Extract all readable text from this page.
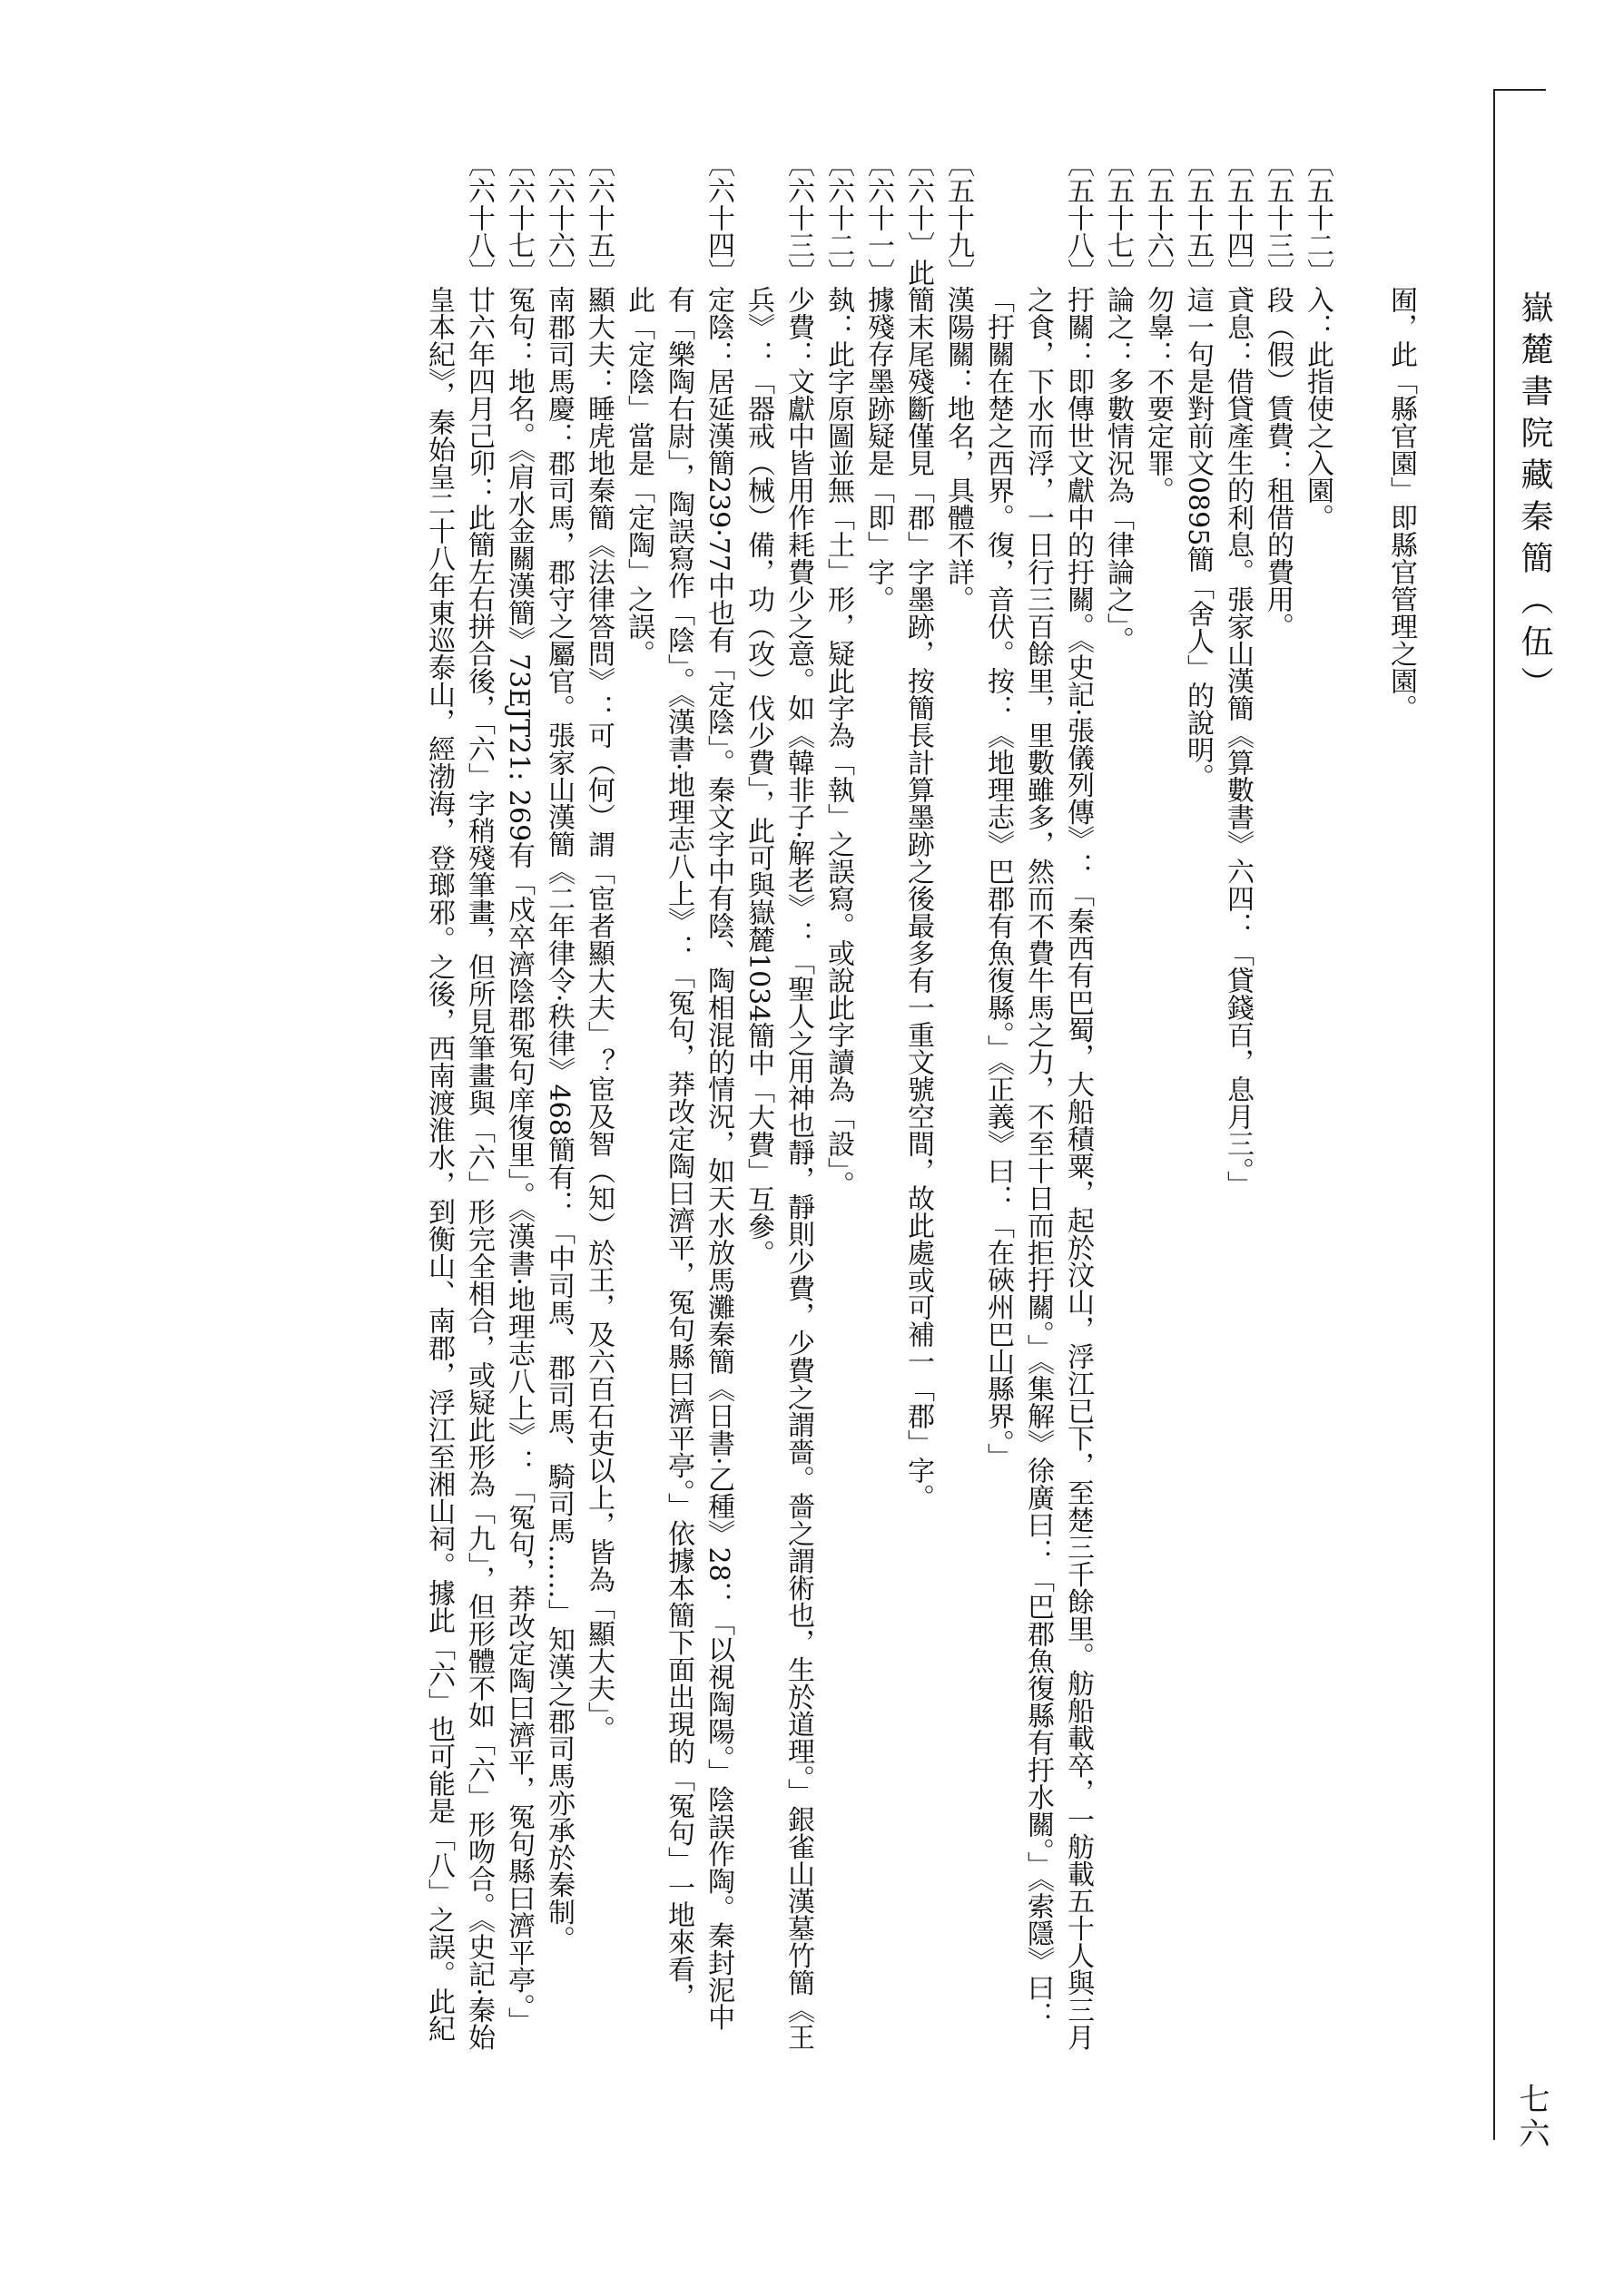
嶽麓書院藏秦簡（伍）
七六
囿，此「縣官園」即縣官管理之園。
〔五十二〕入：此指使之入園。
〔五十三〕段（假）賃費：租借的費用。
〔五十四〕貣息：借貸產生的利息。張家山漢簡《算數書》六四：「貸錢百，息月三。」
〔五十五〕這一句是對前文0895簡「舍人」的說明。
〔五十六〕勿辠：不要定罪。
〔五十七〕論之：多數情況為「律論之」。
〔五十八〕扜關：即傳世文獻中的扜關。《史記·張儀列傳》：「秦西有巴蜀，大船積粟，起於汶山，浮江已下，至楚三千餘里。舫船載卒，一舫載五十人與三月
之食，下水而浮，一日行三百餘里，里數雖多，然而不費牛馬之力，不至十日而拒扜關。」《集解》徐廣曰：「巴郡魚復縣有扜水關。」《索隱》曰：
「扜關在楚之西界。復，音伏。按：《地理志》巴郡有魚復縣。」《正義》曰：「在硤州巴山縣界。」
〔五十九〕漢陽關：地名，具體不詳。
〔六十〕此簡末尾殘斷僅見「郡」字墨跡，按簡長計算墨跡之後最多有一重文號空間，故此處或可補一「郡」字。
〔六十一〕據殘存墨跡疑是「即」字。
〔六十二〕埶：此字原圖並無「土」形，疑此字為「執」之誤寫。或說此字讀為「設」。
〔六十三〕少費：文獻中皆用作耗費少之意。如《韓非子·解老》：「聖人之用神也靜，靜則少費，少費之謂嗇。嗇之謂術也，生於道理。」銀雀山漢墓竹簡《王
兵》：「器戒（械）備，功（攻）伐少費」，此可與嶽麓1034簡中「大費」互參。
〔六十四〕定陰：居延漢簡239·77中也有「定陰」。秦文字中有陰、陶相混的情況，如天水放馬灘秦簡《日書·乙種》28：「以視陶陽。」陰誤作陶。秦封泥中
有「樂陶右尉」，陶誤寫作「陰」。《漢書·地理志八上》：「冤句，莽改定陶曰濟平，冤句縣曰濟平亭。」依據本簡下面出現的「冤句」一地來看，
此「定陰」當是「定陶」之誤。
〔六十五〕顯大夫：睡虎地秦簡《法律答問》：可（何）謂「宦者顯大夫」？宦及智（知）於王，及六百石吏以上，皆為「顯大夫」。
〔六十六〕南郡司馬慶：郡司馬，郡守之屬官。張家山漢簡《二年律令·秩律》468簡有：「中司馬、郡司馬、騎司馬……」知漢之郡司馬亦承於秦制。
〔六十七〕冤句：地名。《肩水金關漢簡》73EJT21: 269有「戍卒濟陰郡冤句庠復里」。《漢書·地理志八上》：「冤句，莽改定陶曰濟平，冤句縣曰濟平亭。」
〔六十八〕廿六年四月己卯：此簡左右拼合後，「六」字稍殘筆畫，但所見筆畫與「六」形完全相合，或疑此形為「九」，但形體不如「六」形吻合。《史記·秦始
皇本紀》，秦始皇二十八年東巡泰山，經渤海，登瑯邪。之後，西南渡淮水，到衡山、南郡，浮江至湘山祠。據此「六」也可能是「八」之誤。此紀
